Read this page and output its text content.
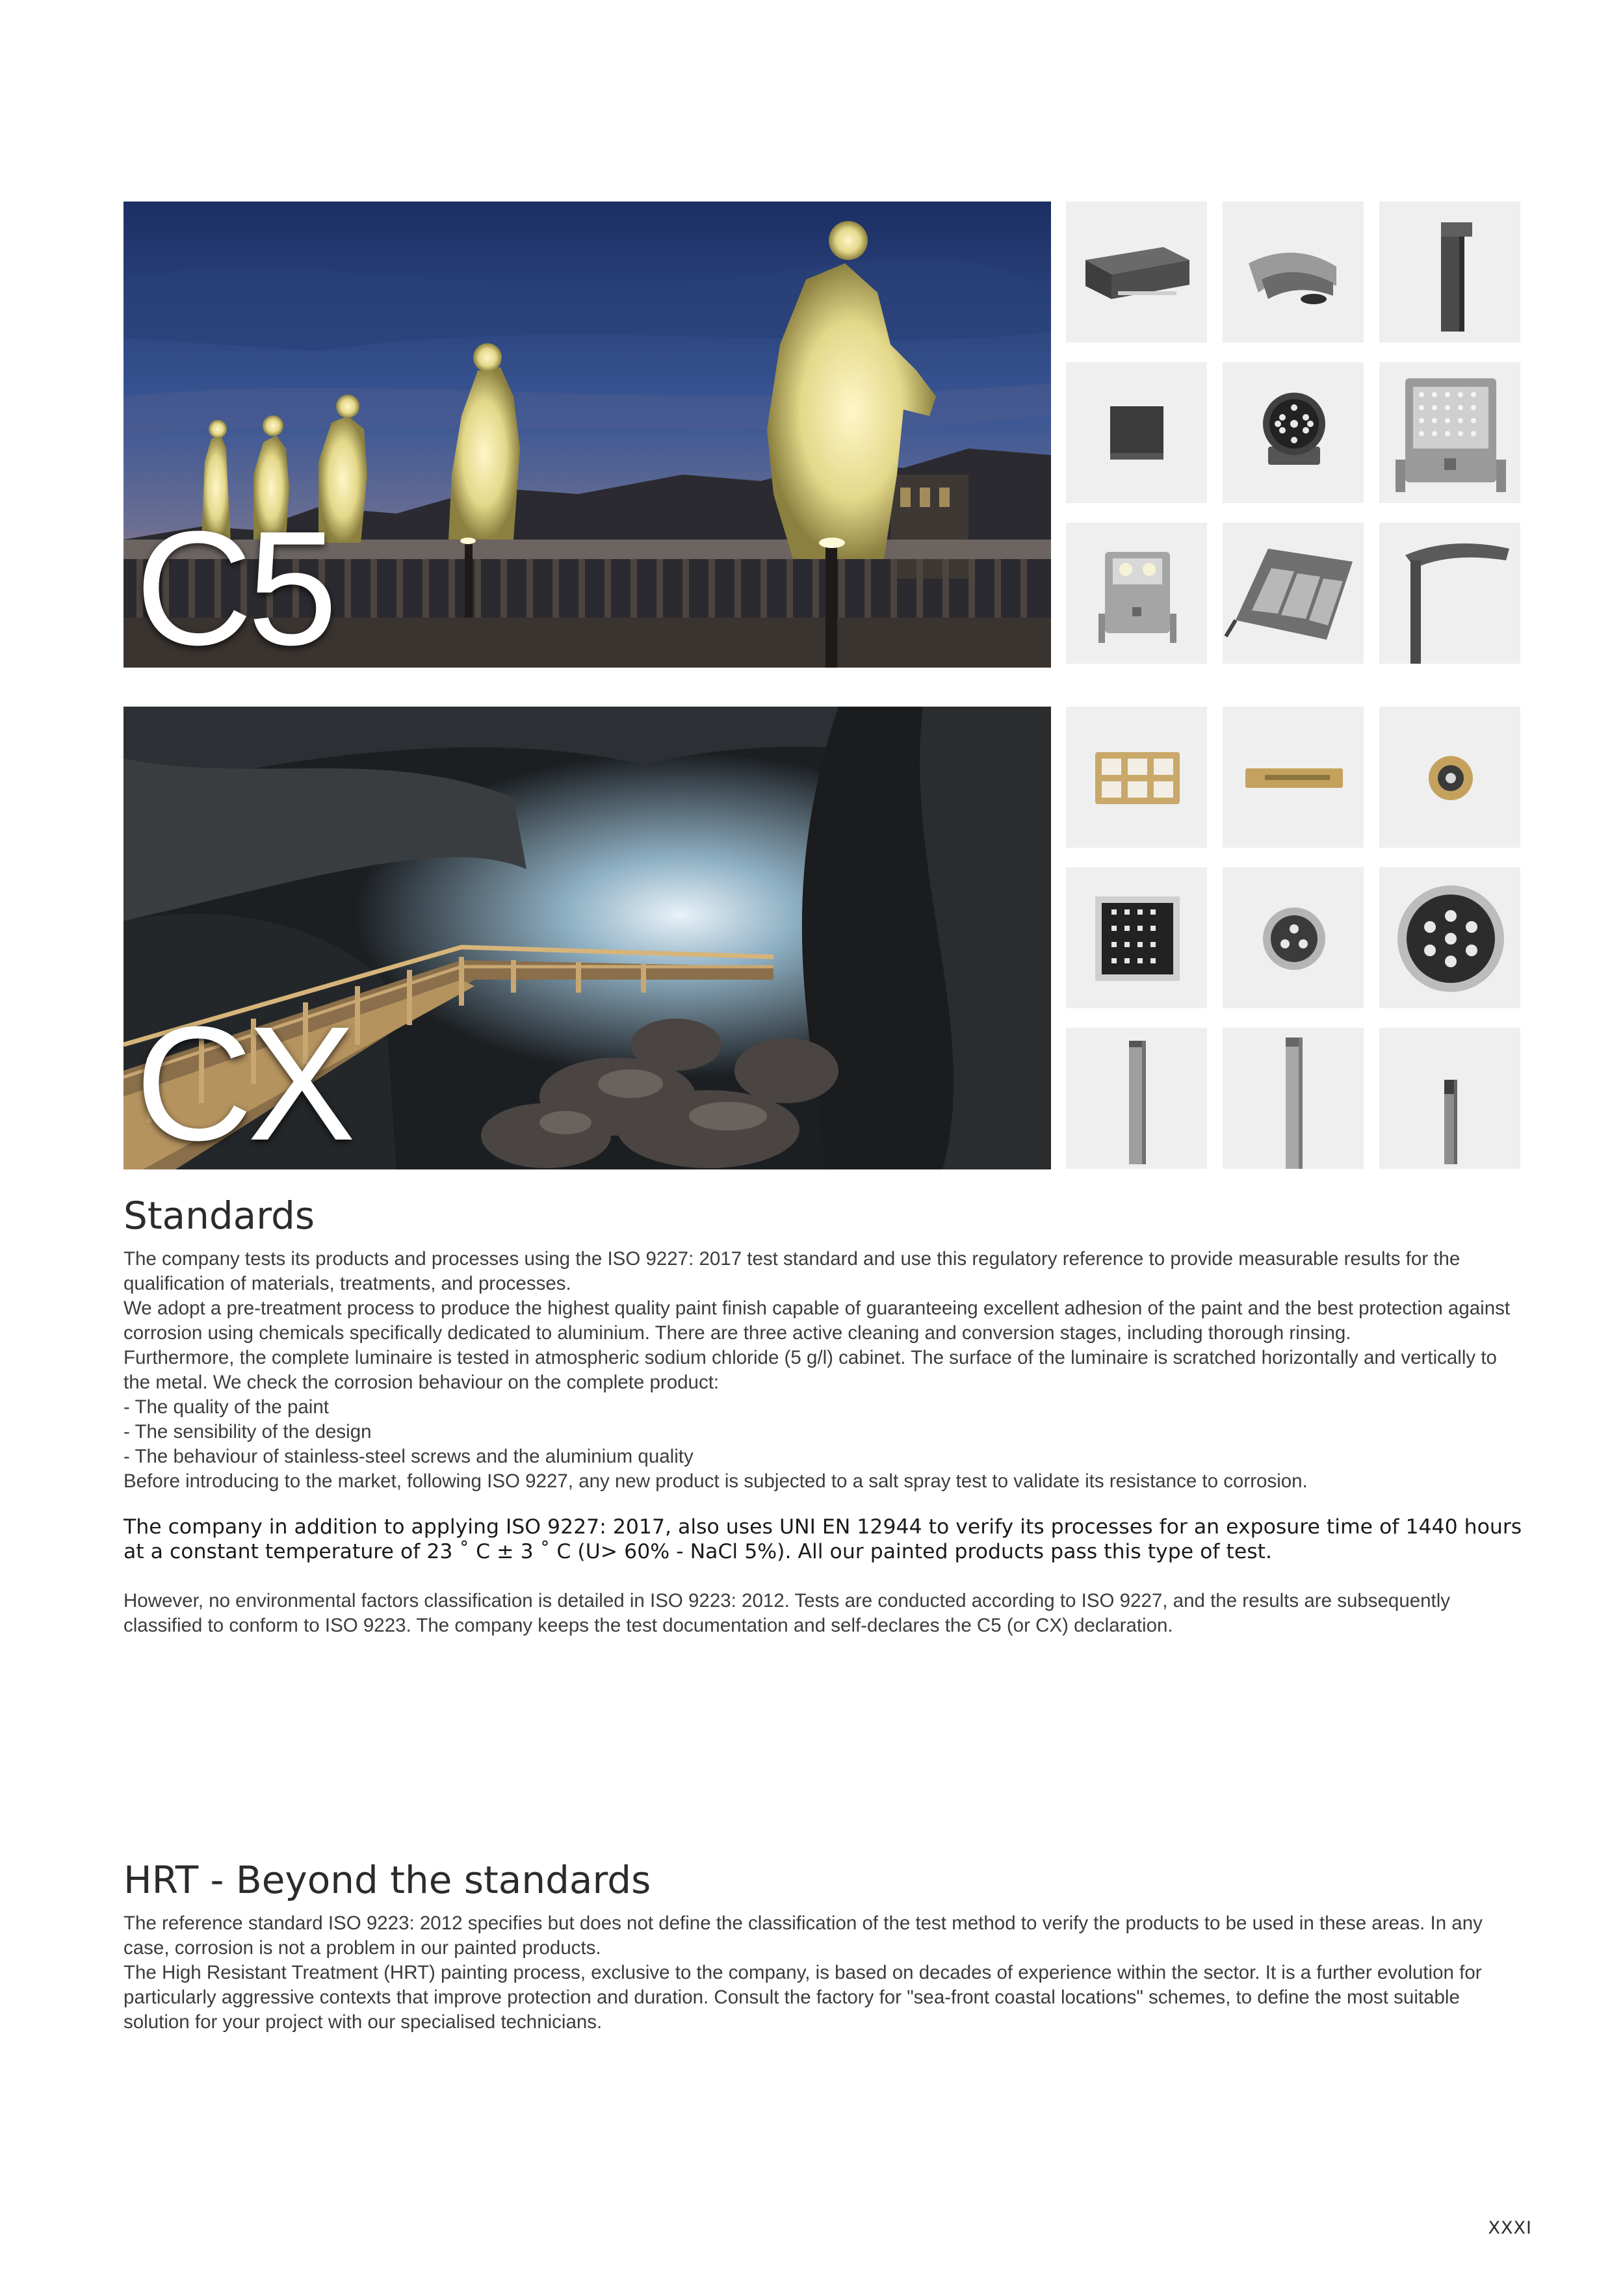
C5
CX
Standards

The company tests its products and processes using the ISO 9227: 2017 test standard and use this regulatory reference to provide measurable results for the qualification of materials, treatments, and processes.

We adopt a pre-treatment process to produce the highest quality paint finish capable of guaranteeing excellent adhesion of the paint and the best protection against corrosion using chemicals specifically dedicated to aluminium. There are three active cleaning and conversion stages, including thorough rinsing.

Furthermore, the complete luminaire is tested in atmospheric sodium chloride (5 g/l) cabinet. The surface of the luminaire is scratched horizontally and vertically to the metal. We check the corrosion behaviour on the complete product:

- The quality of the paint

- The sensibility of the design

- The behaviour of stainless-steel screws and the aluminium quality

Before introducing to the market, following ISO 9227, any new product is subjected to a salt spray test to validate its resistance to corrosion.

The company in addition to applying ISO 9227: 2017, also uses UNI EN 12944 to verify its processes for an exposure time of 1440 hours at a constant temperature of 23 ˚ C ± 3 ˚ C (U> 60% - NaCl 5%). All our painted products pass this type of test.

However, no environmental factors classification is detailed in ISO 9223: 2012. Tests are conducted according to ISO 9227, and the results are subsequently classified to conform to ISO 9223. The company keeps the test documentation and self-declares the C5 (or CX) declaration.

HRT - Beyond the standards

The reference standard ISO 9223: 2012 specifies but does not define the classification of the test method to verify the products to be used in these areas. In any case, corrosion is not a problem in our painted products.

The High Resistant Treatment (HRT) painting process, exclusive to the company, is based on decades of experience within the sector. It is a further evolution for particularly aggressive contexts that improve protection and duration. Consult the factory for "sea-front coastal locations" schemes, to define the most suitable solution for your project with our specialised technicians.

XXXI
